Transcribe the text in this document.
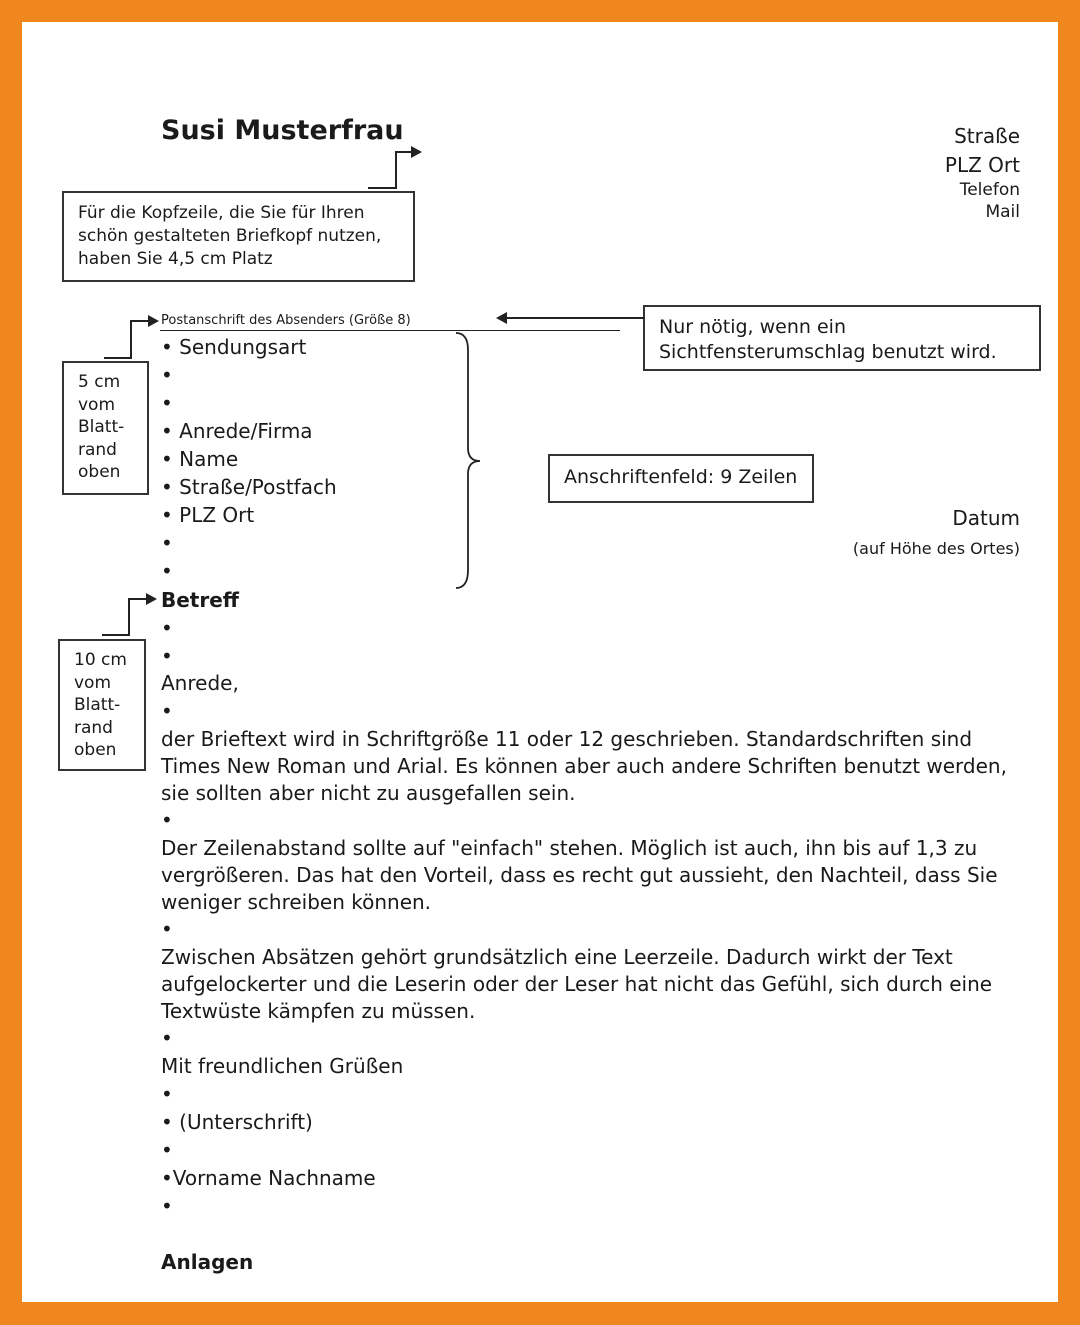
Susi Musterfrau	Straße
PLZ Ort
Telefon
Mail
Für die Kopfzeile, die Sie für Ihren schön gestalteten Briefkopf nutzen, haben Sie 4,5 cm Platz
Nur nötig, wenn ein Sichtfensterumschlag benutzt wird.
Postanschrift des Absenders (Größe 8)
5 cm
vom
Blatt-
rand
oben
• Sendungsart
•
•
• Anrede/Firma
• Name
• Straße/Postfach
• PLZ Ort
•
•
Anschriftenfeld: 9 Zeilen
Datum
(auf Höhe des Ortes)
Betreff
10 cm
vom
Blatt-
rand
oben
•
•
Anrede,
•
der Brieftext wird in Schriftgröße 11 oder 12 geschrieben. Standardschriften sind Times New Roman und Arial. Es können aber auch andere Schriften benutzt werden, sie sollten aber nicht zu ausgefallen sein.
•
Der Zeilenabstand sollte auf "einfach" stehen. Möglich ist auch, ihn bis auf 1,3 zu vergrößeren. Das hat den Vorteil, dass es recht gut aussieht, den Nachteil, dass Sie weniger schreiben können.
•
Zwischen Absätzen gehört grundsätzlich eine Leerzeile. Dadurch wirkt der Text aufgelockerter und die Leserin oder der Leser hat nicht das Gefühl, sich durch eine Textwüste kämpfen zu müssen.
•
Mit freundlichen Grüßen
•
• (Unterschrift)
•
•Vorname Nachname
•
Anlagen
